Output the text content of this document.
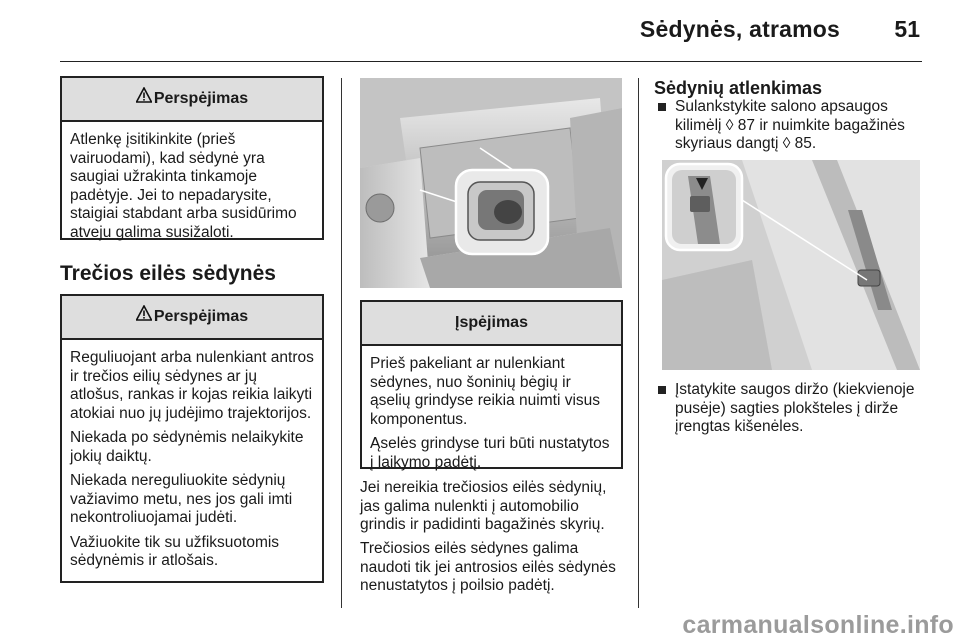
Sėdynės, atramos 51
Perspėjimas

Atlenkę įsitikinkite (prieš vairuodami), kad sėdynė yra saugiai užrakinta tinkamoje padėtyje. Jei to nepadarysite, staigiai stabdant arba susidūrimo atveju galima susižaloti.

Trečios eilės sėdynės
Perspėjimas

Reguliuojant arba nulenkiant antros ir trečios eilių sėdynes ar jų atlošus, rankas ir kojas reikia laikyti atokiai nuo jų judėjimo trajektorijos.

Niekada po sėdynėmis nelaikykite jokių daiktų.

Niekada nereguliuokite sėdynių važiavimo metu, nes jos gali imti nekontroliuojamai judėti.

Važiuokite tik su užfiksuotomis sėdynėmis ir atlošais.

Įspėjimas

Prieš pakeliant ar nulenkiant sėdynes, nuo šoninių bėgių ir ąselių grindyse reikia nuimti visus komponentus.

Ąselės grindyse turi būti nustatytos į laikymo padėtį.

Jei nereikia trečiosios eilės sėdynių, jas galima nulenkti į automobilio grindis ir padidinti bagažinės skyrių.

Trečiosios eilės sėdynes galima naudoti tik jei antrosios eilės sėdynės nenustatytos į poilsio padėtį.

Sėdynių atlenkimas
Sulankstykite salono apsaugos kilimėlį ◊ 87 ir nuimkite bagažinės skyriaus dangtį ◊ 85.
Įstatykite saugos diržo (kiekvienoje pusėje) sagties plokšteles į dirže įrengtas kišenėles.
carmanualsonline.info
